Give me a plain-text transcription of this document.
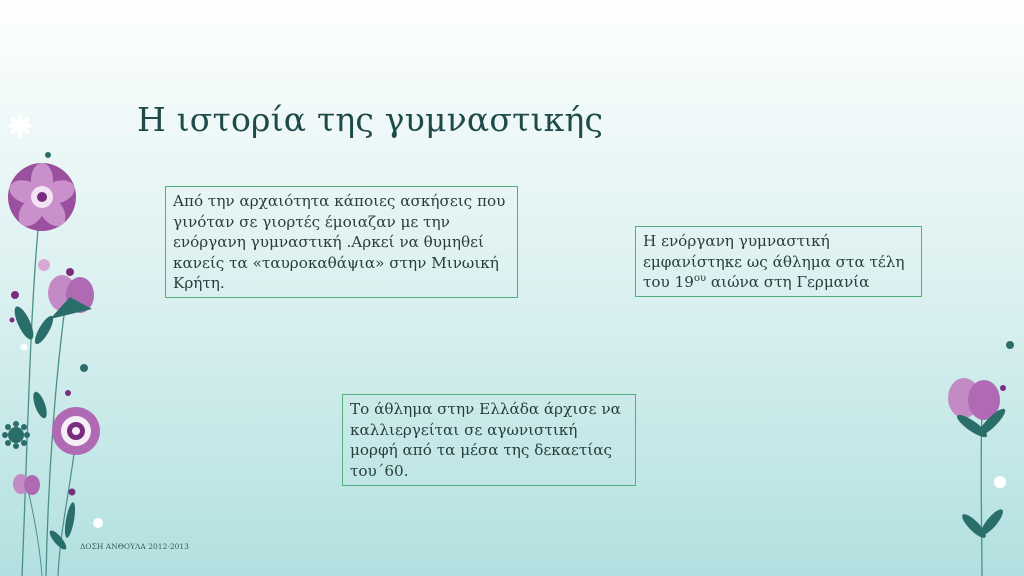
Η ιστορία της γυμναστικής

Από την αρχαιότητα κάποιες ασκήσεις που γινόταν σε γιορτές έμοιαζαν με την ενόργανη γυμναστική .Αρκεί να θυμηθεί κανείς τα «ταυροκαθάψια» στην Μινωική Κρήτη.

Η ενόργανη γυμναστική εμφανίστηκε ως άθλημα στα τέλη του $19^{o\upsilon}$ αιώνα στη Γερμανία

Το άθλημα στην Ελλάδα άρχισε να καλλιεργείται σε αγωνιστική μορφή από τα μέσα της δεκαετίας του΄60.

ΔΟΣΗ ΑΝΘΟΥΛΑ 2012-2013
